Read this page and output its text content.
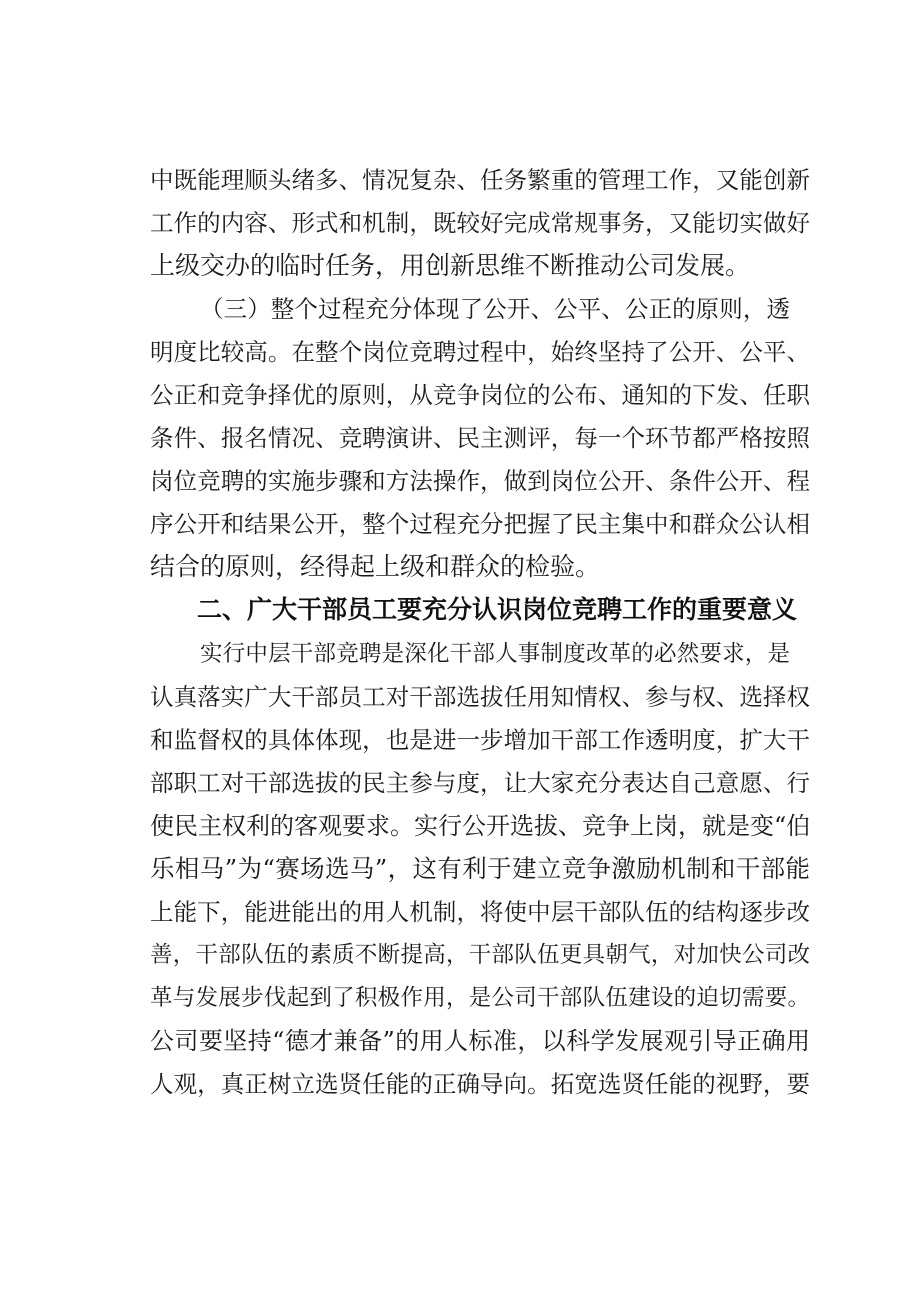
中既能理顺头绪多、情况复杂、任务繁重的管理工作，又能创新
工作的内容、形式和机制，既较好完成常规事务，又能切实做好
上级交办的临时任务，用创新思维不断推动公司发展。
（三）整个过程充分体现了公开、公平、公正的原则，透
明度比较高。在整个岗位竞聘过程中，始终坚持了公开、公平、
公正和竞争择优的原则，从竞争岗位的公布、通知的下发、任职
条件、报名情况、竞聘演讲、民主测评，每一个环节都严格按照
岗位竞聘的实施步骤和方法操作，做到岗位公开、条件公开、程
序公开和结果公开，整个过程充分把握了民主集中和群众公认相
结合的原则，经得起上级和群众的检验。
二、广大干部员工要充分认识岗位竞聘工作的重要意义
实行中层干部竞聘是深化干部人事制度改革的必然要求，是
认真落实广大干部员工对干部选拔任用知情权、参与权、选择权
和监督权的具体体现，也是进一步增加干部工作透明度，扩大干
部职工对干部选拔的民主参与度，让大家充分表达自己意愿、行
使民主权利的客观要求。实行公开选拔、竞争上岗，就是变“伯
乐相马”为“赛场选马”，这有利于建立竞争激励机制和干部能
上能下，能进能出的用人机制，将使中层干部队伍的结构逐步改
善，干部队伍的素质不断提高，干部队伍更具朝气，对加快公司改
革与发展步伐起到了积极作用，是公司干部队伍建设的迫切需要。
公司要坚持“德才兼备”的用人标准，以科学发展观引导正确用
人观，真正树立选贤任能的正确导向。拓宽选贤任能的视野，要
